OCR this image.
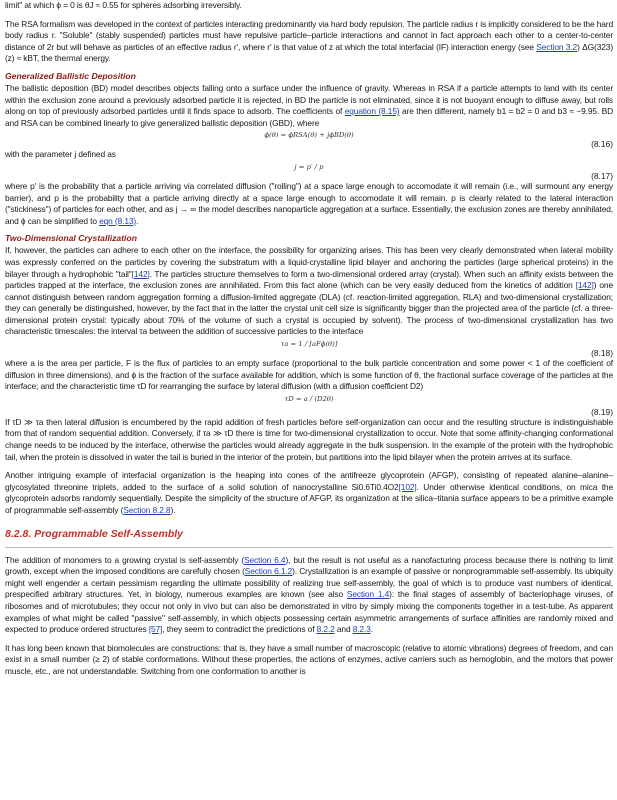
limit" at which ϕ = 0 is θJ ≈ 0.55 for spheres adsorbing irreversibly.

The RSA formalism was developed in the context of particles interacting predominantly via hard body repulsion. The particle radius r is implicitly considered to be the hard body radius r. "Soluble" (stably suspended) particles must have repulsive particle–particle interactions and cannot in fact approach each other to a center-to-center distance of 2r but will behave as particles of an effective radius r′, where r′ is that value of z at which the total interfacial (IF) interaction energy (see Section 3.2) ΔG(323)(z) ≈ kBT, the thermal energy.

Generalized Ballistic Deposition

The ballistic deposition (BD) model describes objects falling onto a surface under the influence of gravity. Whereas in RSA if a particle attempts to land with its center within the exclusion zone around a previously adsorbed particle it is rejected, in BD the particle is not eliminated, since it is not buoyant enough to diffuse away, but rolls along on top of previously adsorbed particles until it finds space to adsorb. The coefficients of equation (8.15) are then different, namely b1 = b2 = 0 and b3 ≈ −9.95. BD and RSA can be combined linearly to give generalized ballistic deposition (GBD), where

ϕ(θ) = ϕRSA(θ) + jϕBD(θ)
(8.16)

with the parameter j defined as

j = p′ / p
(8.17)

where p′ is the probability that a particle arriving via correlated diffusion ("rolling") at a space large enough to accomodate it will remain (i.e., will surmount any energy barrier), and p is the probability that a particle arriving directly at a space large enough to accomodate it will remain. p is clearly related to the lateral interaction ("stickiness") of particles for each other, and as j → ∞ the model describes nanoparticle aggregation at a surface. Essentially, the exclusion zones are thereby annihilated, and ϕ can be simplified to eqn (8.13).

Two-Dimensional Crystallization

If, however, the particles can adhere to each other on the interface, the possibility for organizing arises. This has been very clearly demonstrated when lateral mobility was expressly conferred on the particles by covering the substratum with a liquid-crystalline lipid bilayer and anchoring the particles (large spherical proteins) in the bilayer through a hydrophobic "tail"[142]. The particles structure themselves to form a two-dimensional ordered array (crystal). When such an affinity exists between the particles trapped at the interface, the exclusion zones are annihilated. From this fact alone (which can be very easily deduced from the kinetics of addition [142]) one cannot distinguish between random aggregation forming a diffusion-limited aggregate (DLA) (cf. reaction-limited aggregation, RLA) and two-dimensional crystallization; they can generally be distinguished, however, by the fact that in the latter the crystal unit cell size is significantly bigger than the projected area of the particle (cf. a three-dimensional protein crystal: typically about 70% of the volume of such a crystal is occupied by solvent). The process of two-dimensional crystallization has two characteristic timescales: the interval τa between the addition of successive particles to the interface

τa = 1 / [aFϕ(θ)]
(8.18)

where a is the area per particle, F is the flux of particles to an empty surface (proportional to the bulk particle concentration and some power < 1 of the coefficient of diffusion in three dimensions), and ϕ is the fraction of the surface available for addition, which is some function of θ, the fractional surface coverage of the particles at the interface; and the characteristic time τD for rearranging the surface by lateral diffusion (with a diffusion coefficient D2)

τD = a / (D2θ)
(8.19)

If τD ≫ τa then lateral diffusion is encumbered by the rapid addition of fresh particles before self-organization can occur and the resulting structure is indistinguishable from that of random sequential addition. Conversely, if τa ≫ τD there is time for two-dimensional crystallization to occur. Note that some affinity-changing conformational change needs to be induced by the interface, otherwise the particles would already aggregate in the bulk suspension. In the example of the protein with the hydrophobic tail, when the protein is dissolved in water the tail is buried in the interior of the protein, but partitions into the lipid bilayer when the protein arrives at its surface.

Another intriguing example of interfacial organization is the heaping into cones of the antifreeze glycoprotein (AFGP), consisting of repeated alanine–alanine–glycosylated threonine triplets, added to the surface of a solid solution of nanocrystalline Si0.6Ti0.4O2[102]. Under otherwise identical conditions, on mica the glycoprotein adsorbs randomly sequentially. Despite the simplicity of the structure of AFGP, its organization at the silica–titania surface appears to be a primitive example of programmable self-assembly (Section 8.2.8).

8.2.8. Programmable Self-Assembly

The addition of monomers to a growing crystal is self-assembly (Section 6.4), but the result is not useful as a nanofacturing process because there is nothing to limit growth, except when the imposed conditions are carefully chosen (Section 6.1.2). Crystallization is an example of passive or nonprogrammable self-assembly. Its ubiquity might well engender a certain pessimism regarding the ultimate possibility of realizing true self-assembly, the goal of which is to produce vast numbers of identical, prespecified arbitrary structures. Yet, in biology, numerous examples are known (see also Section 1.4): the final stages of assembly of bacteriophage viruses, of ribosomes and of microtubules; they occur not only in vivo but can also be demonstrated in vitro by simply mixing the components together in a test-tube. As apparent examples of what might be called "passive" self-assembly, in which objects possessing certain asymmetric arrangements of surface affinities are randomly mixed and expected to produce ordered structures [57], they seem to contradict the predictions of 8.2.2 and 8.2.3.

It has long been known that biomolecules are constructions: that is, they have a small number of macroscopic (relative to atomic vibrations) degrees of freedom, and can exist in a small number (≥ 2) of stable conformations. Without these properties, the actions of enzymes, active carriers such as hemoglobin, and the motors that power muscle, etc., are not understandable. Switching from one conformation to another is
